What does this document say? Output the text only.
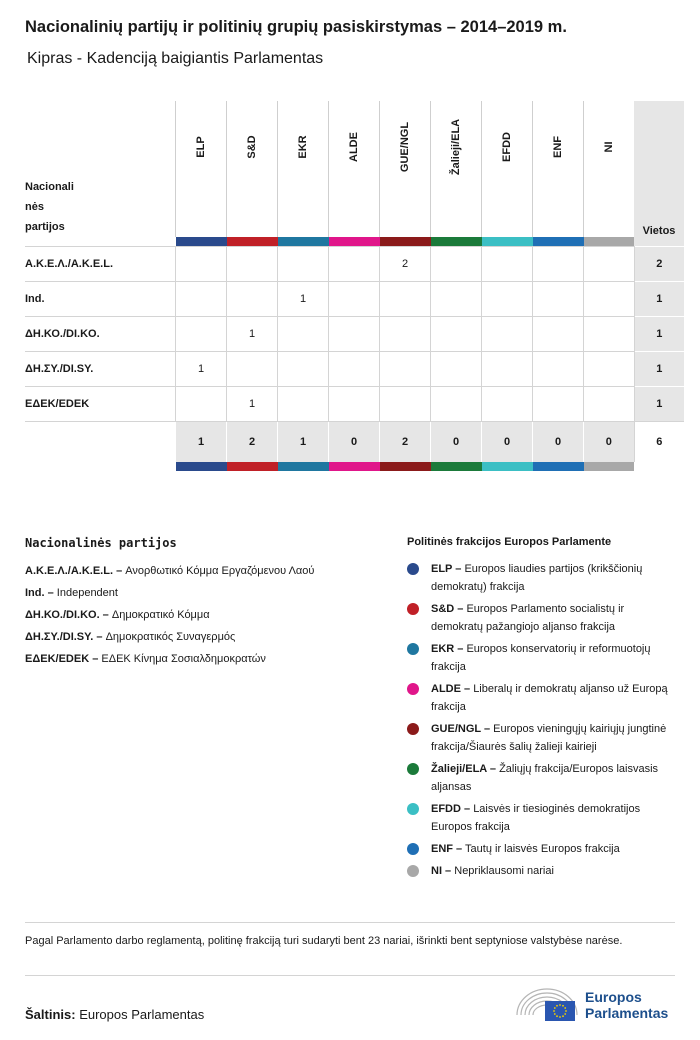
Nacionalinių partijų ir politinių grupių pasiskirstymas – 2014–2019 m.
Kipras - Kadenciją baigiantis Parlamentas
Nacionali nės partijos	ELP	S&D	EKR	ALDE	GUE/NGL	Žalieji/ELA	EFDD	ENF	NI	Vietos

Α.Κ.Ε.Λ./A.K.E.L.					2					2
Ind.			1							1
ΔΗ.ΚΟ./DI.KO.		1								1
ΔΗ.ΣΥ./DI.SY.	1									1
ΕΔΕΚ/EDEK		1								1
	1	2	1	0	2	0	0	0	0	6

Nacionalinės partijos
Α.Κ.Ε.Λ./A.K.E.L. – Ανορθωτικό Κόμμα Εργαζόμενου Λαού
Ind. – Independent
ΔΗ.ΚΟ./DI.KO. – Δημοκρατικό Κόμμα
ΔΗ.ΣΥ./DI.SY. – Δημοκρατικός Συναγερμός
ΕΔΕΚ/EDEK – ΕΔΕΚ Κίνημα Σοσιαλδημοκρατών
Politinės frakcijos Europos Parlamente
ELP – Europos liaudies partijos (krikščionių demokratų) frakcija
S&D – Europos Parlamento socialistų ir demokratų pažangiojo aljanso frakcija
EKR – Europos konservatorių ir reformuotojų frakcija
ALDE – Liberalų ir demokratų aljanso už Europą frakcija
GUE/NGL – Europos vieningųjų kairiųjų jungtinė frakcija/Šiaurės šalių žalieji kairieji
Žalieji/ELA – Žaliųjų frakcija/Europos laisvasis aljansas
EFDD – Laisvės ir tiesioginės demokratijos Europos frakcija
ENF – Tautų ir laisvės Europos frakcija
NI – Nepriklausomi nariai
Pagal Parlamento darbo reglamentą, politinę frakciją turi sudaryti bent 23 nariai, išrinkti bent septyniose valstybėse narėse.
Šaltinis: Europos Parlamentas
Europos
Parlamentas
